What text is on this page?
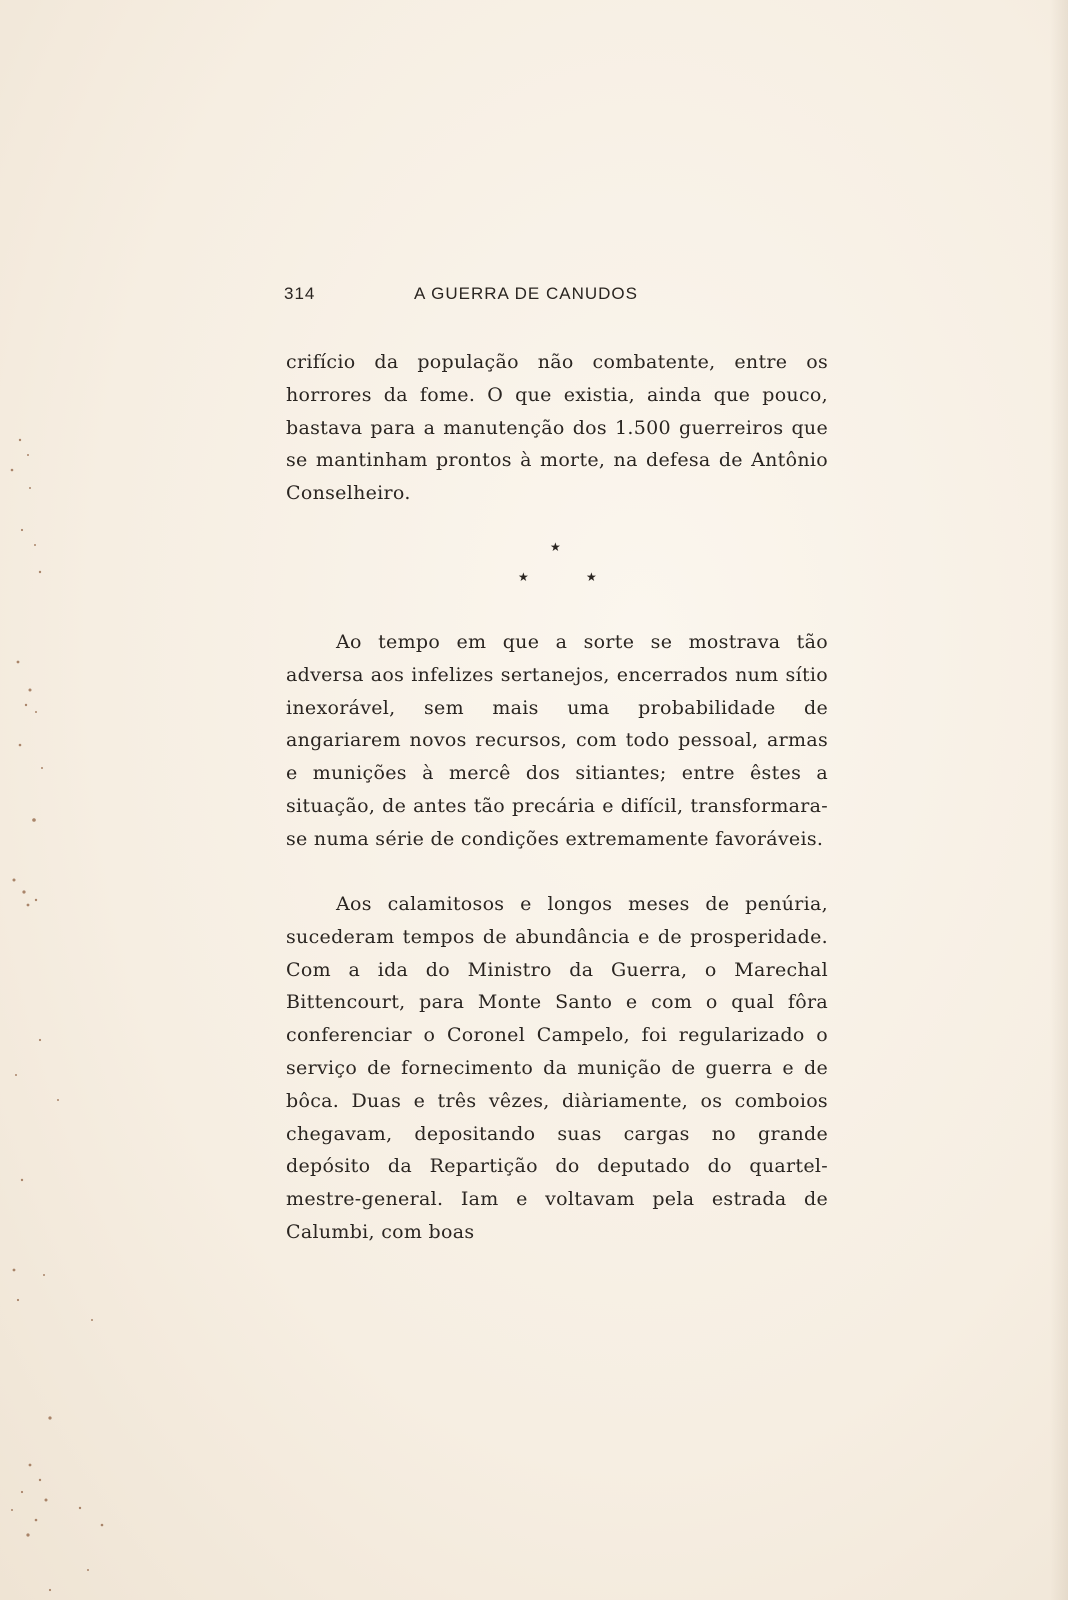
314	A GUERRA DE CANUDOS

crifício da população não combatente, entre os horrores da fome. O que existia, ainda que pouco, bastava para a manutenção dos 1.500 guerreiros que se mantinham prontos à morte, na defesa de Antônio Conselheiro.

★
★	★

Ao tempo em que a sorte se mostrava tão adversa aos infelizes sertanejos, encerrados num sítio inexorável, sem mais uma probabilidade de angariarem novos recursos, com todo pessoal, armas e munições à mercê dos sitiantes; entre êstes a situação, de antes tão precária e difícil, transformara-se numa série de condições extremamente favoráveis.

Aos calamitosos e longos meses de penúria, sucederam tempos de abundância e de prosperidade. Com a ida do Ministro da Guerra, o Marechal Bittencourt, para Monte Santo e com o qual fôra conferenciar o Coronel Campelo, foi regularizado o serviço de fornecimento da munição de guerra e de bôca. Duas e três vêzes, diàriamente, os comboios chegavam, depositando suas cargas no grande depósito da Repartição do deputado do quartel-mestre-general. Iam e voltavam pela estrada de Calumbi, com boas
